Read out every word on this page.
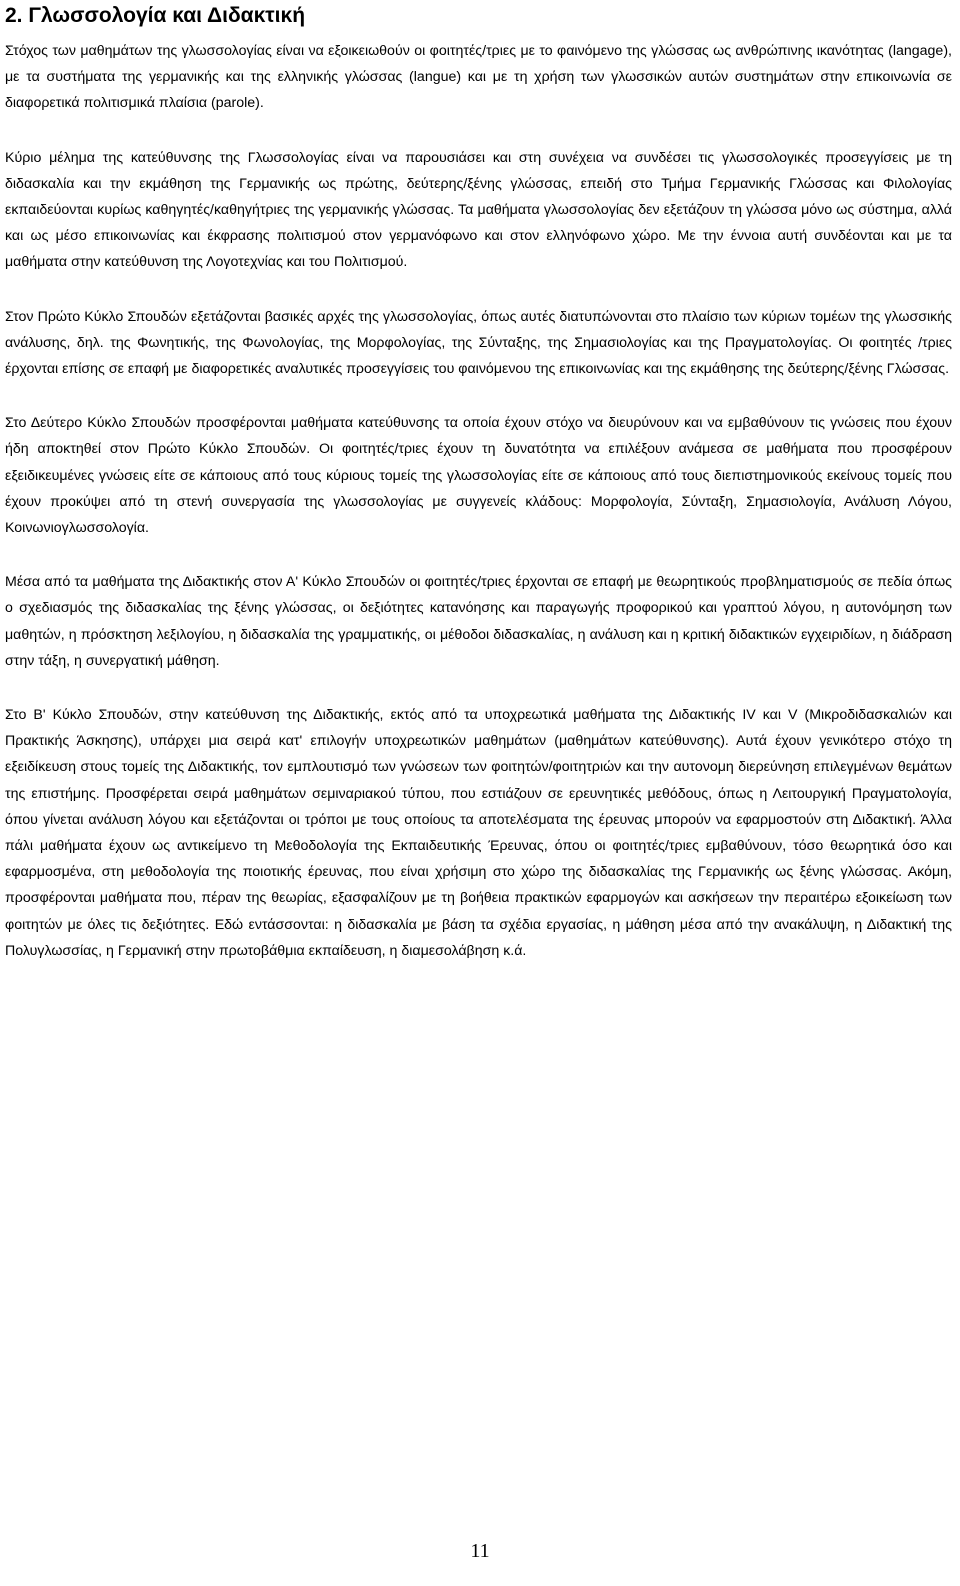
2. Γλωσσολογία και Διδακτική

Στόχος των μαθημάτων της γλωσσολογίας είναι να εξοικειωθούν οι φοιτητές/τριες με το φαινόμενο της γλώσσας ως ανθρώπινης ικανότητας (langage), με τα συστήματα της γερμανικής και της ελληνικής γλώσσας (langue) και με τη χρήση των γλωσσικών αυτών συστημάτων στην επικοινωνία σε διαφορετικά πολιτισμικά πλαίσια (parole).

Κύριο μέλημα της κατεύθυνσης της Γλωσσολογίας είναι να παρουσιάσει και στη συνέχεια να συνδέσει τις γλωσσολογικές προσεγγίσεις με τη διδασκαλία και την εκμάθηση της Γερμανικής ως πρώτης, δεύτερης/ξένης γλώσσας, επειδή στο Τμήμα Γερμανικής Γλώσσας και Φιλολογίας εκπαιδεύονται κυρίως καθηγητές/καθηγήτριες της γερμανικής γλώσσας. Τα μαθήματα γλωσσολογίας δεν εξετάζουν τη γλώσσα μόνο ως σύστημα, αλλά και ως μέσο επικοινωνίας και έκφρασης πολιτισμού στον γερμανόφωνο και στον ελληνόφωνο χώρο. Με την έννοια αυτή συνδέονται και με τα μαθήματα στην κατεύθυνση της Λογοτεχνίας και του Πολιτισμού.

Στον Πρώτο Κύκλο Σπουδών εξετάζονται βασικές αρχές της γλωσσολογίας, όπως αυτές διατυπώνονται στο πλαίσιο των κύριων τομέων της γλωσσικής ανάλυσης, δηλ. της Φωνητικής, της Φωνολογίας, της Μορφολογίας, της Σύνταξης, της Σημασιολογίας και της Πραγματολογίας. Οι φοιτητές /τριες έρχονται επίσης σε επαφή με διαφορετικές αναλυτικές προσεγγίσεις του φαινόμενου της επικοινωνίας και της εκμάθησης της δεύτερης/ξένης Γλώσσας.

Στο Δεύτερο Κύκλο Σπουδών προσφέρονται μαθήματα κατεύθυνσης τα οποία έχουν στόχο να διευρύνουν και να εμβαθύνουν τις γνώσεις που έχουν ήδη αποκτηθεί στον Πρώτο Κύκλο Σπουδών. Οι φοιτητές/τριες έχουν τη δυνατότητα να επιλέξουν ανάμεσα σε μαθήματα που προσφέρουν εξειδικευμένες γνώσεις είτε σε κάποιους από τους κύριους τομείς της γλωσσολογίας είτε σε κάποιους από τους διεπιστημονικούς εκείνους τομείς που έχουν προκύψει από τη στενή συνεργασία της γλωσσολογίας με συγγενείς κλάδους: Μορφολογία, Σύνταξη, Σημασιολογία, Ανάλυση Λόγου, Κοινωνιογλωσσολογία.

Μέσα από τα μαθήματα της Διδακτικής στον Α' Κύκλο Σπουδών οι φοιτητές/τριες έρχονται σε επαφή με θεωρητικούς προβληματισμούς σε πεδία όπως ο σχεδιασμός της διδασκαλίας της ξένης γλώσσας, οι δεξιότητες κατανόησης και παραγωγής προφορικού και γραπτού λόγου, η αυτονόμηση των μαθητών, η πρόσκτηση λεξιλογίου, η διδασκαλία της γραμματικής, οι μέθοδοι διδασκαλίας, η ανάλυση και η κριτική διδακτικών εγχειριδίων, η διάδραση στην τάξη, η συνεργατική μάθηση.

Στο Β' Κύκλο Σπουδών, στην κατεύθυνση της Διδακτικής, εκτός από τα υποχρεωτικά μαθήματα της Διδακτικής IV και V (Μικροδιδασκαλιών και Πρακτικής Άσκησης), υπάρχει μια σειρά κατ' επιλογήν υποχρεωτικών μαθημάτων (μαθημάτων κατεύθυνσης). Αυτά έχουν γενικότερο στόχο τη εξειδίκευση στους τομείς της Διδακτικής, τον εμπλουτισμό των γνώσεων των φοιτητών/φοιτητριών και την αυτονομη διερεύνηση επιλεγμένων θεμάτων της επιστήμης. Προσφέρεται σειρά μαθημάτων σεμιναριακού τύπου, που εστιάζουν σε ερευνητικές μεθόδους, όπως η Λειτουργική Πραγματολογία, όπου γίνεται ανάλυση λόγου και εξετάζονται οι τρόποι με τους οποίους τα αποτελέσματα της έρευνας μπορούν να εφαρμοστούν στη Διδακτική. Άλλα πάλι μαθήματα έχουν ως αντικείμενο τη Μεθοδολογία της Εκπαιδευτικής Έρευνας, όπου οι φοιτητές/τριες εμβαθύνουν, τόσο θεωρητικά όσο και εφαρμοσμένα, στη μεθοδολογία της ποιοτικής έρευνας, που είναι χρήσιμη στο χώρο της διδασκαλίας της Γερμανικής ως ξένης γλώσσας. Ακόμη, προσφέρονται μαθήματα που, πέραν της θεωρίας, εξασφαλίζουν με τη βοήθεια πρακτικών εφαρμογών και ασκήσεων την περαιτέρω εξοικείωση των φοιτητών με όλες τις δεξιότητες. Εδώ εντάσσονται: η διδασκαλία με βάση τα σχέδια εργασίας, η μάθηση μέσα από την ανακάλυψη, η Διδακτική της Πολυγλωσσίας, η Γερμανική στην πρωτοβάθμια εκπαίδευση, η διαμεσολάβηση κ.ά.

11
